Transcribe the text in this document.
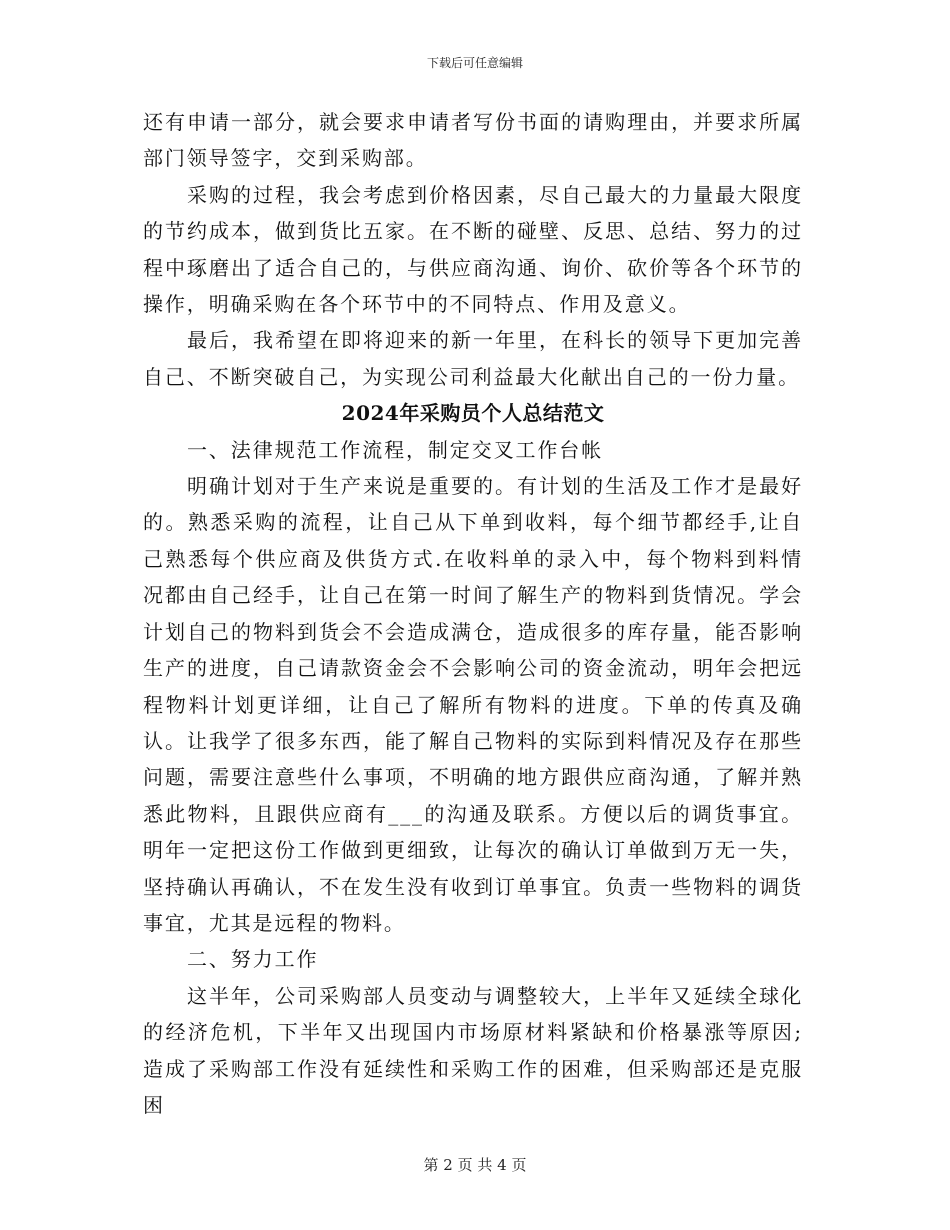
下载后可任意编辑

还有申请一部分，就会要求申请者写份书面的请购理由，并要求所属部门领导签字，交到采购部。

采购的过程，我会考虑到价格因素，尽自己最大的力量最大限度的节约成本，做到货比五家。在不断的碰壁、反思、总结、努力的过程中琢磨出了适合自己的，与供应商沟通、询价、砍价等各个环节的操作，明确采购在各个环节中的不同特点、作用及意义。

最后，我希望在即将迎来的新一年里，在科长的领导下更加完善自己、不断突破自己，为实现公司利益最大化献出自己的一份力量。

2024年采购员个人总结范文

一、法律规范工作流程，制定交叉工作台帐

明确计划对于生产来说是重要的。有计划的生活及工作才是最好的。熟悉采购的流程，让自己从下单到收料，每个细节都经手,让自己熟悉每个供应商及供货方式.在收料单的录入中，每个物料到料情况都由自己经手，让自己在第一时间了解生产的物料到货情况。学会计划自己的物料到货会不会造成满仓，造成很多的库存量，能否影响生产的进度，自己请款资金会不会影响公司的资金流动，明年会把远程物料计划更详细，让自己了解所有物料的进度。下单的传真及确认。让我学了很多东西，能了解自己物料的实际到料情况及存在那些问题，需要注意些什么事项，不明确的地方跟供应商沟通，了解并熟悉此物料，且跟供应商有___的沟通及联系。方便以后的调货事宜。明年一定把这份工作做到更细致，让每次的确认订单做到万无一失，坚持确认再确认，不在发生没有收到订单事宜。负责一些物料的调货事宜，尤其是远程的物料。

二、努力工作

这半年，公司采购部人员变动与调整较大，上半年又延续全球化的经济危机，下半年又出现国内市场原材料紧缺和价格暴涨等原因;造成了采购部工作没有延续性和采购工作的困难，但采购部还是克服困

第 2 页 共 4 页
